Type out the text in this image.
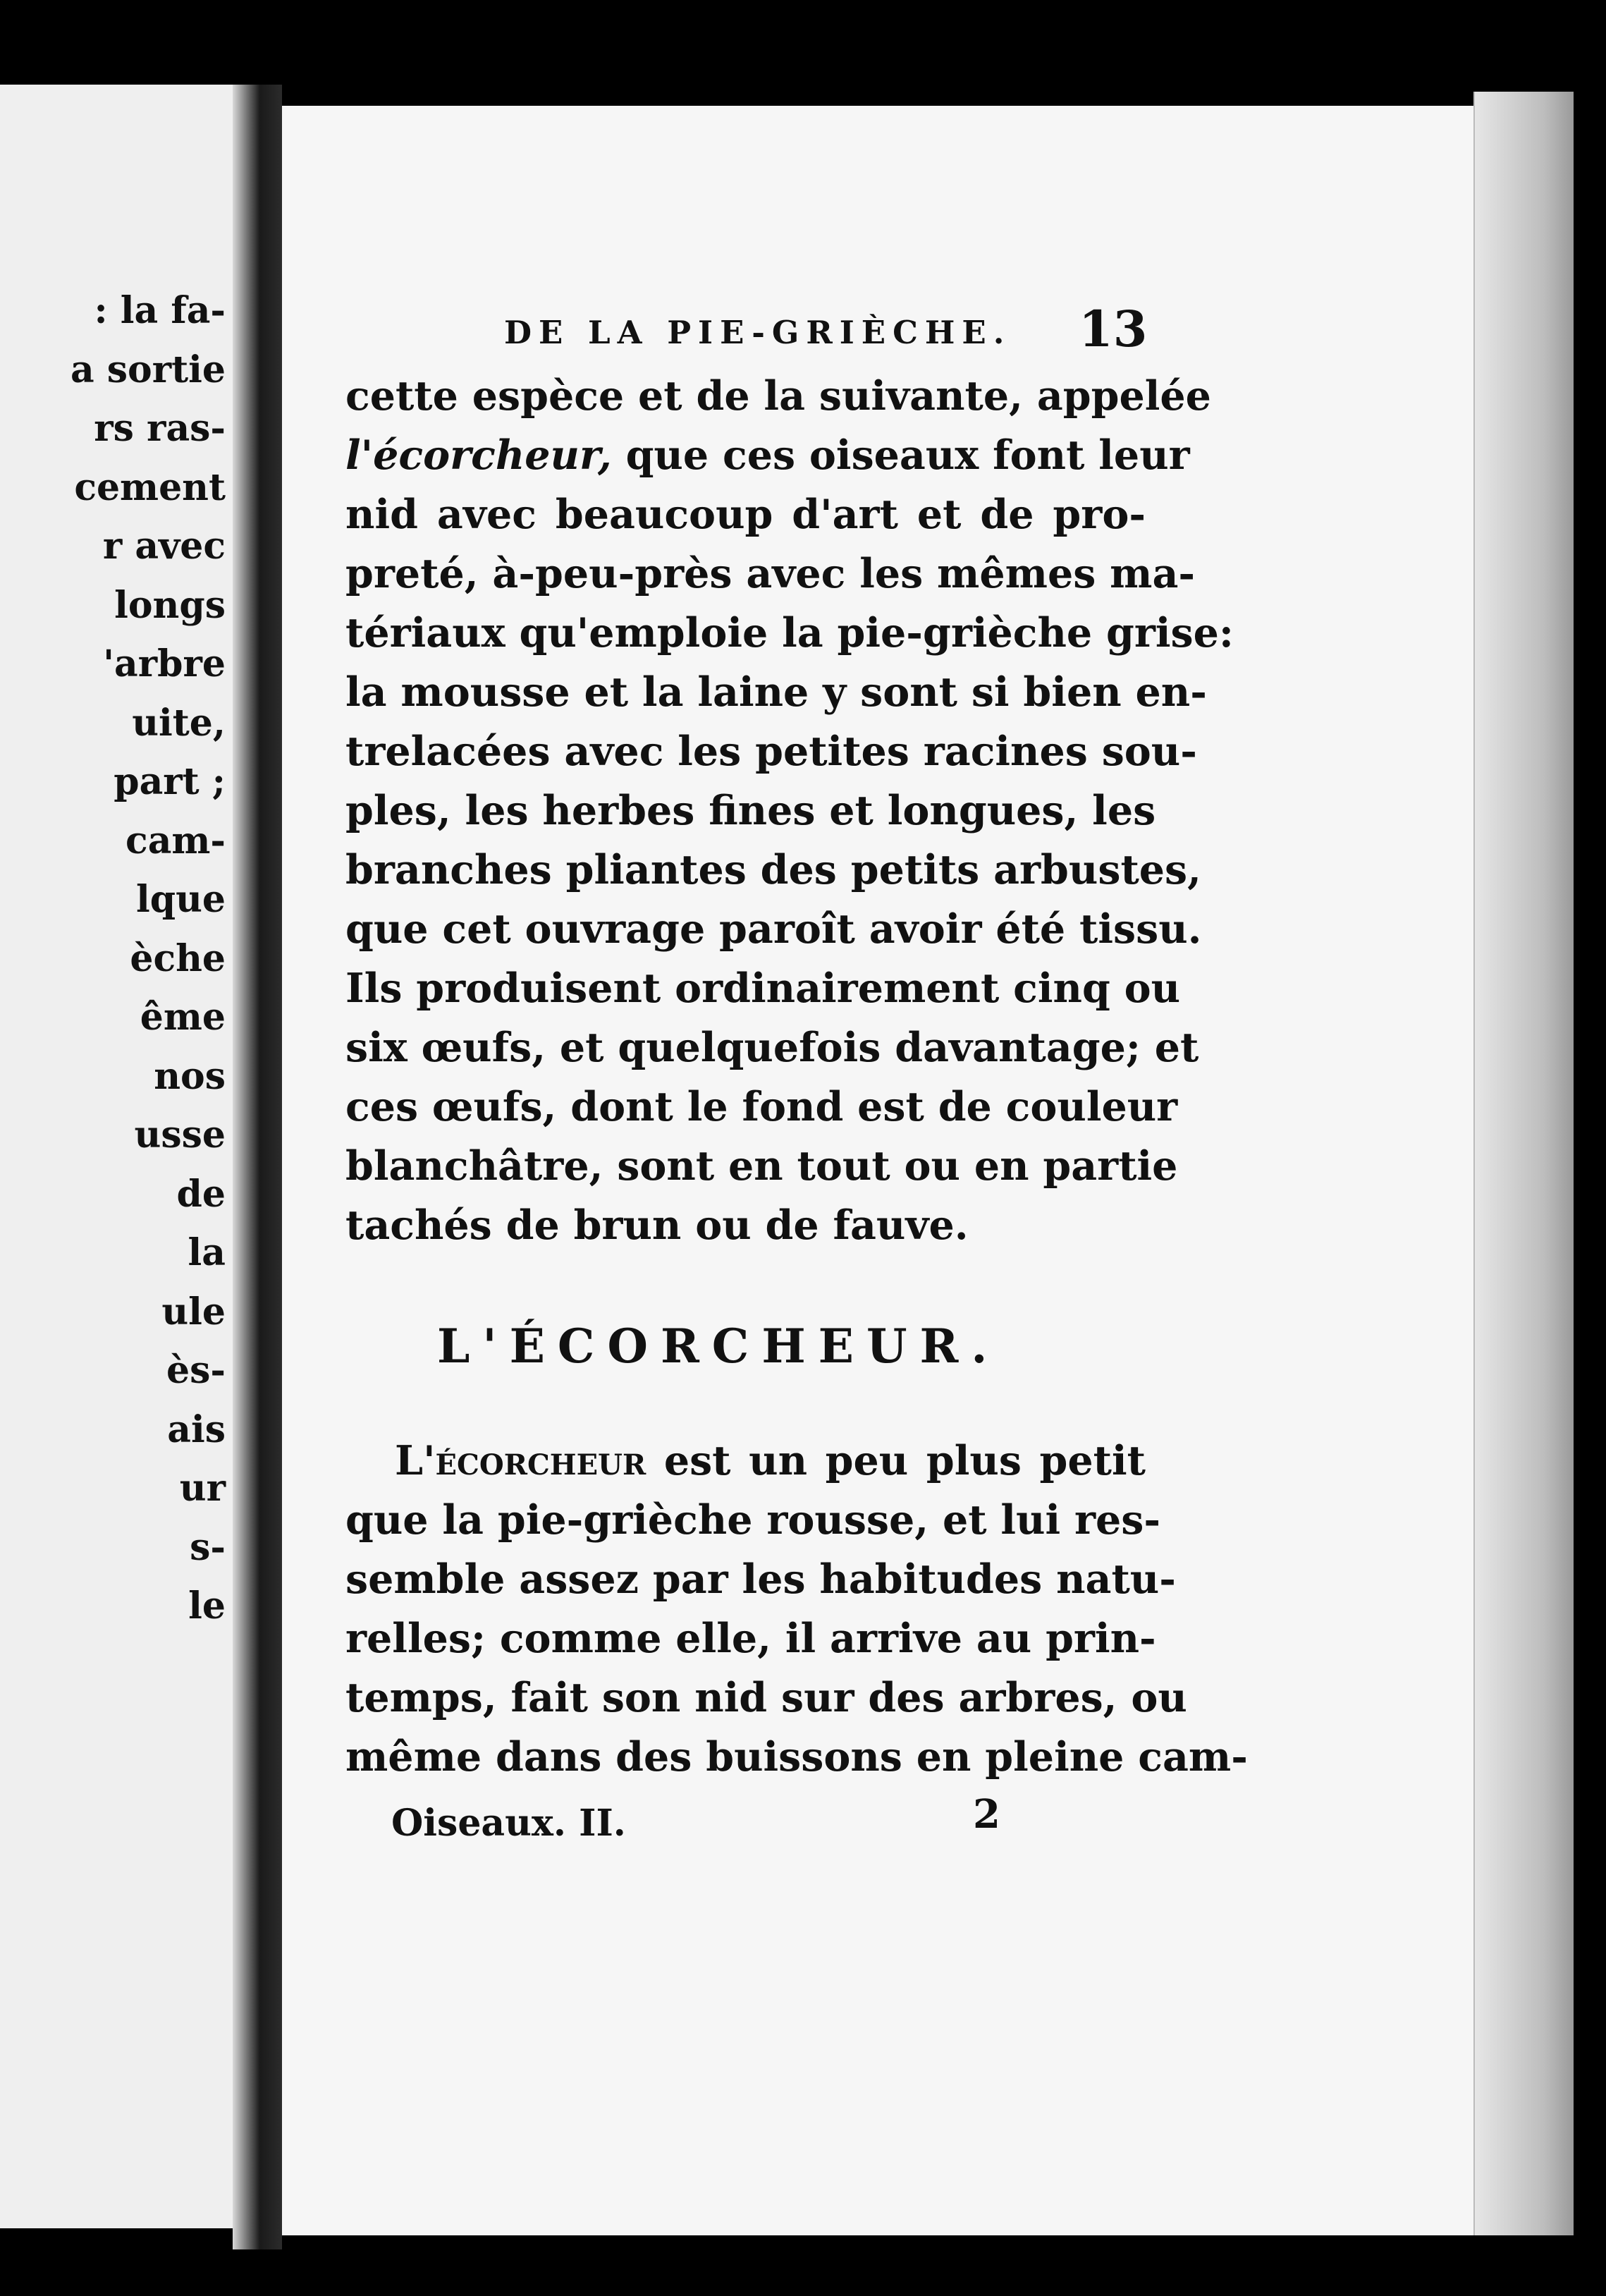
: la fa-
a sortie
rs ras-
cement
r avec
longs
'arbre
uite,
part ;
cam-
lque
èche
ême
nos
usse
de
la
ule
ès-
ais
ur
s-
le
DE LA PIE-GRIÈCHE.	13
cette espèce et de la suivante, appelée
l'écorcheur, que ces oiseaux font leur
nid avec beaucoup d'art et de pro-
preté, à-peu-près avec les mêmes ma-
tériaux qu'emploie la pie-grièche grise:
la mousse et la laine y sont si bien en-
trelacées avec les petites racines sou-
ples, les herbes fines et longues, les
branches pliantes des petits arbustes,
que cet ouvrage paroît avoir été tissu.
Ils produisent ordinairement cinq ou
six œufs, et quelquefois davantage; et
ces œufs, dont le fond est de couleur
blanchâtre, sont en tout ou en partie
tachés de brun ou de fauve.
L'ÉCORCHEUR.
L'écorcheur est un peu plus petit
que la pie-grièche rousse, et lui res-
semble assez par les habitudes natu-
relles; comme elle, il arrive au prin-
temps, fait son nid sur des arbres, ou
même dans des buissons en pleine cam-
Oiseaux. II.	2
